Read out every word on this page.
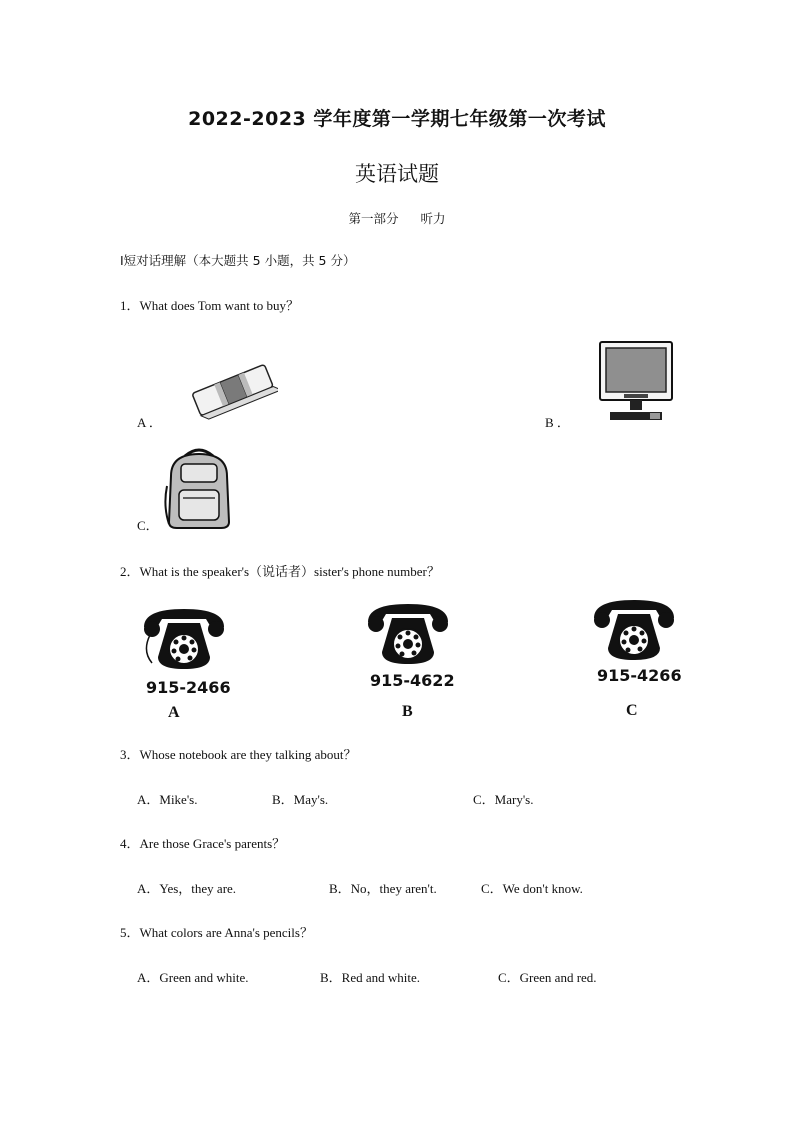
2022-2023 学年度第一学期七年级第一次考试
英语试题
第一部分 听力
Ⅰ短对话理解（本大题共 5 小题，共 5 分）
1．What does Tom want to buy？
A ．	B ．
C．
2．What is the speaker's（说话者）sister's phone number？
915-2466
A
915-4622
B
915-4266
C
3．Whose notebook are they talking about？
A．Mike's.	B．May's.	C．Mary's.
4．Are those Grace's parents？
A．Yes，they are.	B．No，they aren't.	C．We don't know.
5．What colors are Anna's pencils？
A．Green and white.	B．Red and white.	C．Green and red.
